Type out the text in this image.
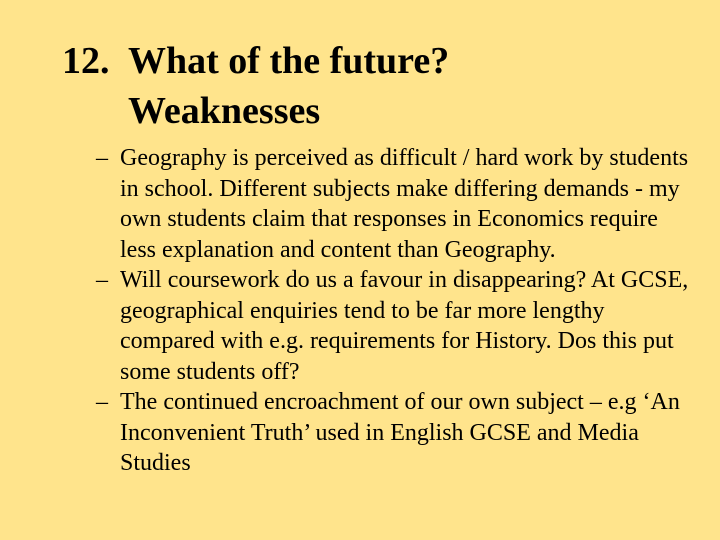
12. What of the future?
Weaknesses
– Geography is perceived as difficult / hard work by students in school. Different subjects make differing demands - my own students claim that responses in Economics require less explanation and content than Geography.
– Will coursework do us a favour in disappearing? At GCSE, geographical enquiries tend to be far more lengthy compared with e.g. requirements for History. Dos this put some students off?
– The continued encroachment of our own subject – e.g ‘An Inconvenient Truth’ used in English GCSE and Media Studies
